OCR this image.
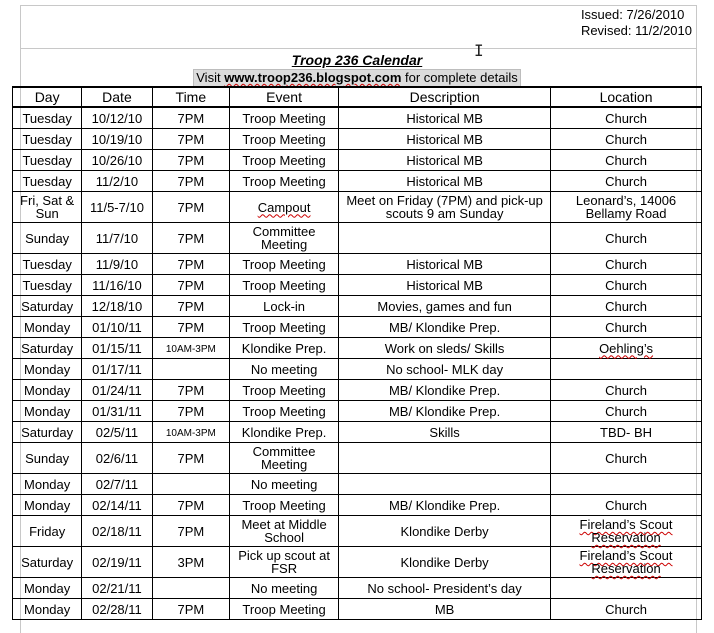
Issued: 7/26/2010
Revised: 11/2/2010
I
Troop 236 Calendar
Visit www.troop236.blogspot.com for complete details
Day	Date	Time	Event	Description	Location
Tuesday	10/12/10	7PM	Troop Meeting	Historical MB	Church
Tuesday	10/19/10	7PM	Troop Meeting	Historical MB	Church
Tuesday	10/26/10	7PM	Troop Meeting	Historical MB	Church
Tuesday	11/2/10	7PM	Troop Meeting	Historical MB	Church
Fri, Sat & Sun	11/5-7/10	7PM	Campout	Meet on Friday (7PM) and pick-up scouts 9 am Sunday	Leonard’s, 14006 Bellamy Road
Sunday	11/7/10	7PM	Committee Meeting		Church
Tuesday	11/9/10	7PM	Troop Meeting	Historical MB	Church
Tuesday	11/16/10	7PM	Troop Meeting	Historical MB	Church
Saturday	12/18/10	7PM	Lock-in	Movies, games and fun	Church
Monday	01/10/11	7PM	Troop Meeting	MB/ Klondike Prep.	Church
Saturday	01/15/11	10AM-3PM	Klondike Prep.	Work on sleds/ Skills	Oehling’s
Monday	01/17/11		No meeting	No school- MLK day	
Monday	01/24/11	7PM	Troop Meeting	MB/ Klondike Prep.	Church
Monday	01/31/11	7PM	Troop Meeting	MB/ Klondike Prep.	Church
Saturday	02/5/11	10AM-3PM	Klondike Prep.	Skills	TBD- BH
Sunday	02/6/11	7PM	Committee Meeting		Church
Monday	02/7/11		No meeting		
Monday	02/14/11	7PM	Troop Meeting	MB/ Klondike Prep.	Church
Friday	02/18/11	7PM	Meet at Middle School	Klondike Derby	Fireland’s Scout Reservation
Saturday	02/19/11	3PM	Pick up scout at FSR	Klondike Derby	Fireland’s Scout Reservation
Monday	02/21/11		No meeting	No school- President’s day	
Monday	02/28/11	7PM	Troop Meeting	MB	Church
